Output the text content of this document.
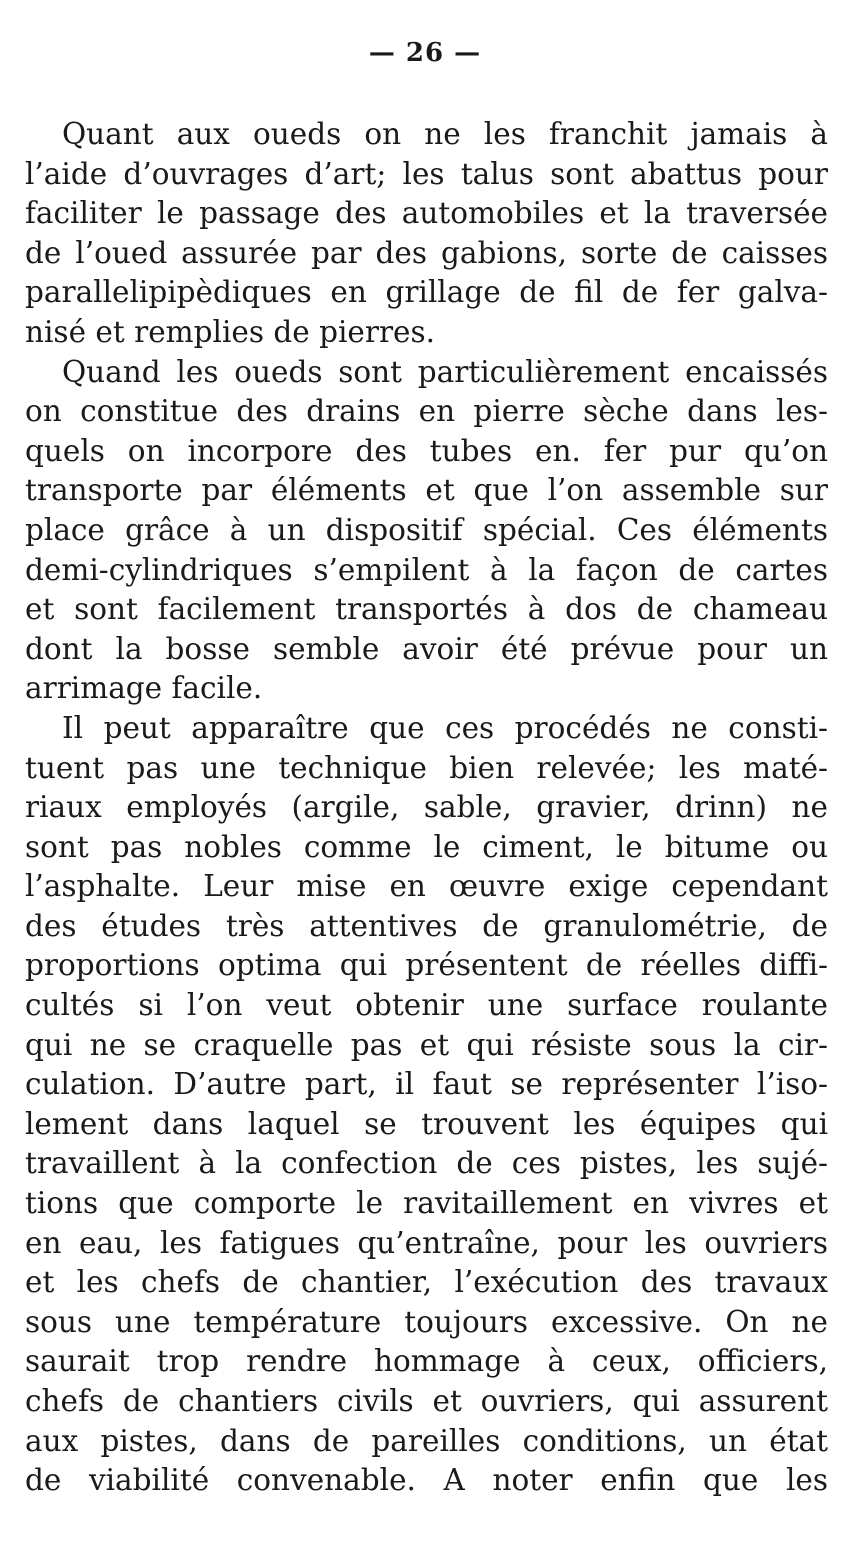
— 26 —
Quant aux oueds on ne les franchit jamais à
l’aide d’ouvrages d’art; les talus sont abattus pour
faciliter le passage des automobiles et la traversée
de l’oued assurée par des gabions, sorte de caisses
parallelipipèdiques en grillage de fil de fer galva-
nisé et remplies de pierres.
Quand les oueds sont particulièrement encaissés
on constitue des drains en pierre sèche dans les-
quels on incorpore des tubes en. fer pur qu’on
transporte par éléments et que l’on assemble sur
place grâce à un dispositif spécial. Ces éléments
demi-cylindriques s’empilent à la façon de cartes
et sont facilement transportés à dos de chameau
dont la bosse semble avoir été prévue pour un
arrimage facile.
Il peut apparaître que ces procédés ne consti-
tuent pas une technique bien relevée; les maté-
riaux employés (argile, sable, gravier, drinn) ne
sont pas nobles comme le ciment, le bitume ou
l’asphalte. Leur mise en œuvre exige cependant
des études très attentives de granulométrie, de
proportions optima qui présentent de réelles diffi-
cultés si l’on veut obtenir une surface roulante
qui ne se craquelle pas et qui résiste sous la cir-
culation. D’autre part, il faut se représenter l’iso-
lement dans laquel se trouvent les équipes qui
travaillent à la confection de ces pistes, les sujé-
tions que comporte le ravitaillement en vivres et
en eau, les fatigues qu’entraîne, pour les ouvriers
et les chefs de chantier, l’exécution des travaux
sous une température toujours excessive. On ne
saurait trop rendre hommage à ceux, officiers,
chefs de chantiers civils et ouvriers, qui assurent
aux pistes, dans de pareilles conditions, un état
de viabilité convenable. A noter enfin que les
